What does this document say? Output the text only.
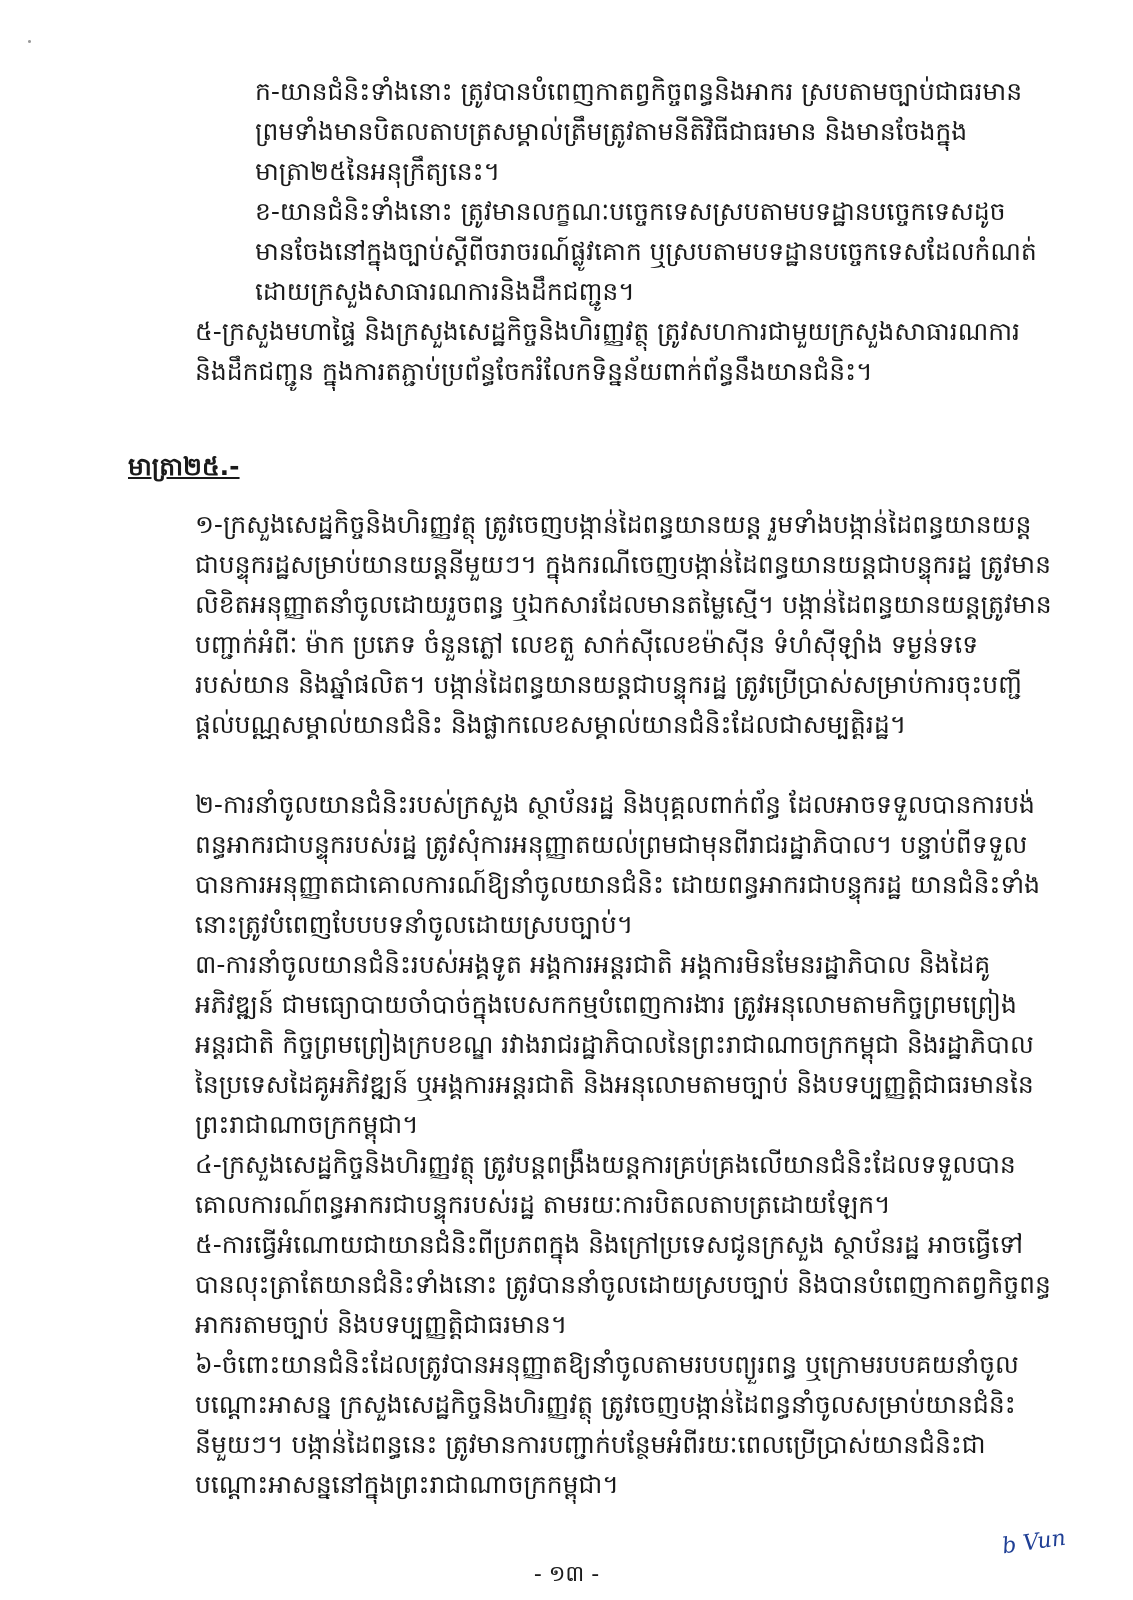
ក-យានជំនិះទាំងនោះ ត្រូវបានបំពេញកាតព្វកិច្ចពន្ធនិងអាករ ស្របតាមច្បាប់ជាធរមាន ព្រមទាំងមានបិតលតាបត្រសម្គាល់ត្រឹមត្រូវតាមនីតិវិធីជាធរមាន និងមានចែងក្នុងមាត្រា២៥នៃអនុក្រឹត្យនេះ។

ខ-យានជំនិះទាំងនោះ ត្រូវមានលក្ខណៈបច្ចេកទេសស្របតាមបទដ្ឋានបច្ចេកទេសដូចមានចែងនៅក្នុងច្បាប់ស្ដីពីចរាចរណ៍ផ្លូវគោក ឬស្របតាមបទដ្ឋានបច្ចេកទេសដែលកំណត់ដោយក្រសួងសាធារណការនិងដឹកជញ្ជូន។

៥-ក្រសួងមហាផ្ទៃ និងក្រសួងសេដ្ឋកិច្ចនិងហិរញ្ញវត្ថុ ត្រូវសហការជាមួយក្រសួងសាធារណការនិងដឹកជញ្ជូន ក្នុងការតភ្ជាប់ប្រព័ន្ធចែករំលែកទិន្នន័យពាក់ព័ន្ធនឹងយានជំនិះ។

មាត្រា២៥.-

១-ក្រសួងសេដ្ឋកិច្ចនិងហិរញ្ញវត្ថុ ត្រូវចេញបង្កាន់ដៃពន្ធយានយន្ត រួមទាំងបង្កាន់ដៃពន្ធយានយន្តជាបន្ទុករដ្ឋសម្រាប់យានយន្តនីមួយៗ។ ក្នុងករណីចេញបង្កាន់ដៃពន្ធយានយន្តជាបន្ទុករដ្ឋ ត្រូវមានលិខិតអនុញ្ញាតនាំចូលដោយរួចពន្ធ ឬឯកសារដែលមានតម្លៃស្មើ។ បង្កាន់ដៃពន្ធយានយន្តត្រូវមានបញ្ជាក់អំពីៈ ម៉ាក ប្រភេទ ចំនួនភ្លៅ លេខតួ សាក់ស៊ីលេខម៉ាស៊ីន ទំហំស៊ីឡាំង ទម្ងន់ទទេរបស់យាន និងឆ្នាំផលិត។ បង្កាន់ដៃពន្ធយានយន្តជាបន្ទុករដ្ឋ ត្រូវប្រើប្រាស់សម្រាប់ការចុះបញ្ជីផ្ដល់បណ្ណសម្គាល់យានជំនិះ និងផ្លាកលេខសម្គាល់យានជំនិះដែលជាសម្បត្តិរដ្ឋ។

២-ការនាំចូលយានជំនិះរបស់ក្រសួង ស្ថាប័នរដ្ឋ និងបុគ្គលពាក់ព័ន្ធ ដែលអាចទទួលបានការបង់ពន្ធអាករជាបន្ទុករបស់រដ្ឋ ត្រូវសុំការអនុញ្ញាតយល់ព្រមជាមុនពីរាជរដ្ឋាភិបាល។ បន្ទាប់ពីទទួលបានការអនុញ្ញាតជាគោលការណ៍ឱ្យនាំចូលយានជំនិះ ដោយពន្ធអាករជាបន្ទុករដ្ឋ យានជំនិះទាំងនោះត្រូវបំពេញបែបបទនាំចូលដោយស្របច្បាប់។

៣-ការនាំចូលយានជំនិះរបស់អង្គទូត អង្គការអន្តរជាតិ អង្គការមិនមែនរដ្ឋាភិបាល និងដៃគូអភិវឌ្ឍន៍ ជាមធ្យោបាយចាំបាច់ក្នុងបេសកកម្មបំពេញការងារ ត្រូវអនុលោមតាមកិច្ចព្រមព្រៀងអន្តរជាតិ កិច្ចព្រមព្រៀងក្របខណ្ឌ រវាងរាជរដ្ឋាភិបាលនៃព្រះរាជាណាចក្រកម្ពុជា និងរដ្ឋាភិបាលនៃប្រទេសដៃគូអភិវឌ្ឍន៍ ឬអង្គការអន្តរជាតិ និងអនុលោមតាមច្បាប់ និងបទប្បញ្ញត្តិជាធរមាននៃព្រះរាជាណាចក្រកម្ពុជា។

៤-ក្រសួងសេដ្ឋកិច្ចនិងហិរញ្ញវត្ថុ ត្រូវបន្តពង្រឹងយន្តការគ្រប់គ្រងលើយានជំនិះដែលទទួលបានគោលការណ៍ពន្ធអាករជាបន្ទុករបស់រដ្ឋ តាមរយៈការបិតលតាបត្រដោយឡែក។

៥-ការធ្វើអំណោយជាយានជំនិះពីប្រភពក្នុង និងក្រៅប្រទេសជូនក្រសួង ស្ថាប័នរដ្ឋ អាចធ្វើទៅបានលុះត្រាតែយានជំនិះទាំងនោះ ត្រូវបាននាំចូលដោយស្របច្បាប់ និងបានបំពេញកាតព្វកិច្ចពន្ធអាករតាមច្បាប់ និងបទប្បញ្ញត្តិជាធរមាន។

៦-ចំពោះយានជំនិះដែលត្រូវបានអនុញ្ញាតឱ្យនាំចូលតាមរបបព្យួរពន្ធ ឬក្រោមរបបគយនាំចូលបណ្ដោះអាសន្ន ក្រសួងសេដ្ឋកិច្ចនិងហិរញ្ញវត្ថុ ត្រូវចេញបង្កាន់ដៃពន្ធនាំចូលសម្រាប់យានជំនិះនីមួយៗ។ បង្កាន់ដៃពន្ធនេះ ត្រូវមានការបញ្ជាក់បន្ថែមអំពីរយៈពេលប្រើប្រាស់យានជំនិះជាបណ្ដោះអាសន្ននៅក្នុងព្រះរាជាណាចក្រកម្ពុជា។

b Vun
- ១៣ -
